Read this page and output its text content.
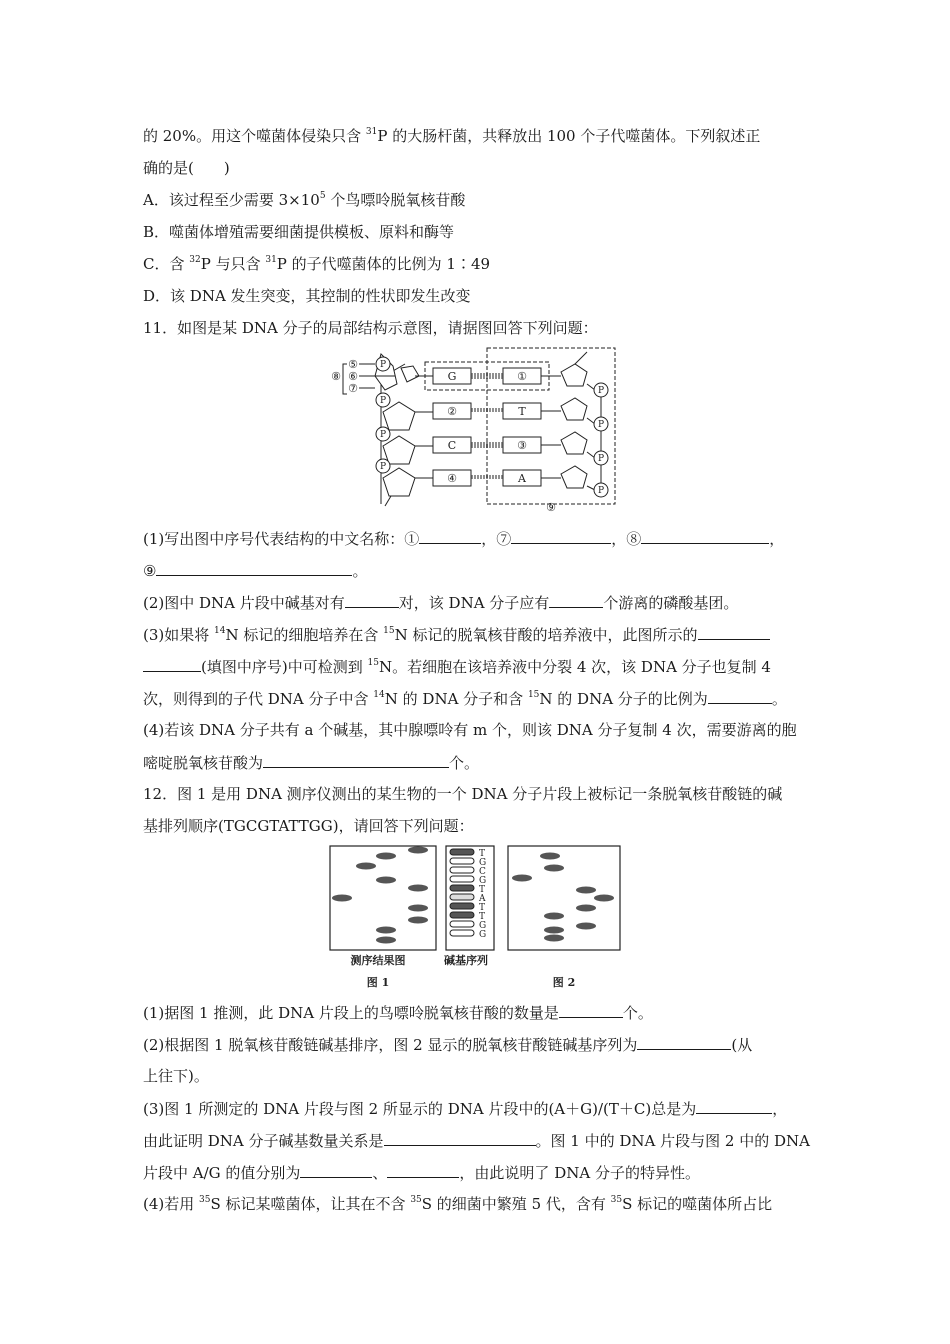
的 20%。用这个噬菌体侵染只含 $^{31}$P 的大肠杆菌，共释放出 100 个子代噬菌体。下列叙述正
确的是(　　)
A．该过程至少需要 $3\times 10^5$ 个鸟嘌呤脱氧核苷酸
B．噬菌体增殖需要细菌提供模板、原料和酶等
C．含 $^{32}$P 与只含 $^{31}$P 的子代噬菌体的比例为 1∶49
D．该 DNA 发生突变，其控制的性状即发生改变
11．如图是某 DNA 分子的局部结构示意图，请据图回答下列问题：
P
P
P
P
P
P
P
P
⑤
⑥
⑦
⑧
⑨
G
②
C
④
①
T
③
A
(1)写出图中序号代表结构的中文名称：①	，⑦	，⑧	，
⑨	。
(2)图中 DNA 片段中碱基对有	对，该 DNA 分子应有	个游离的磷酸基团。
(3)如果将 $^{14}$N 标记的细胞培养在含 $^{15}$N 标记的脱氧核苷酸的培养液中，此图所示的
(填图中序号)中可检测到 $^{15}$N。若细胞在该培养液中分裂 4 次，该 DNA 分子也复制 4
次，则得到的子代 DNA 分子中含 $^{14}$N 的 DNA 分子和含 $^{15}$N 的 DNA 分子的比例为	。
(4)若该 DNA 分子共有 a 个碱基，其中腺嘌呤有 m 个，则该 DNA 分子复制 4 次，需要游离的胞
嘧啶脱氧核苷酸为	个。
12．图 1 是用 DNA 测序仪测出的某生物的一个 DNA 分子片段上被标记一条脱氧核苷酸链的碱
基排列顺序(TGCGTATTGG)，请回答下列问题：
T
G
C
G
T
A
T
T
G
G
测序结果图	碱基序列
图 1	图 2
(1)据图 1 推测，此 DNA 片段上的鸟嘌呤脱氧核苷酸的数量是	个。
(2)根据图 1 脱氧核苷酸链碱基排序，图 2 显示的脱氧核苷酸链碱基序列为	(从
上往下)。
(3)图 1 所测定的 DNA 片段与图 2 所显示的 DNA 片段中的(A＋G)/(T＋C)总是为	，
由此证明 DNA 分子碱基数量关系是	。图 1 中的 DNA 片段与图 2 中的 DNA
片段中 A/G 的值分别为	、	，由此说明了 DNA 分子的特异性。
(4)若用 $^{35}$S 标记某噬菌体，让其在不含 $^{35}$S 的细菌中繁殖 5 代，含有 $^{35}$S 标记的噬菌体所占比
